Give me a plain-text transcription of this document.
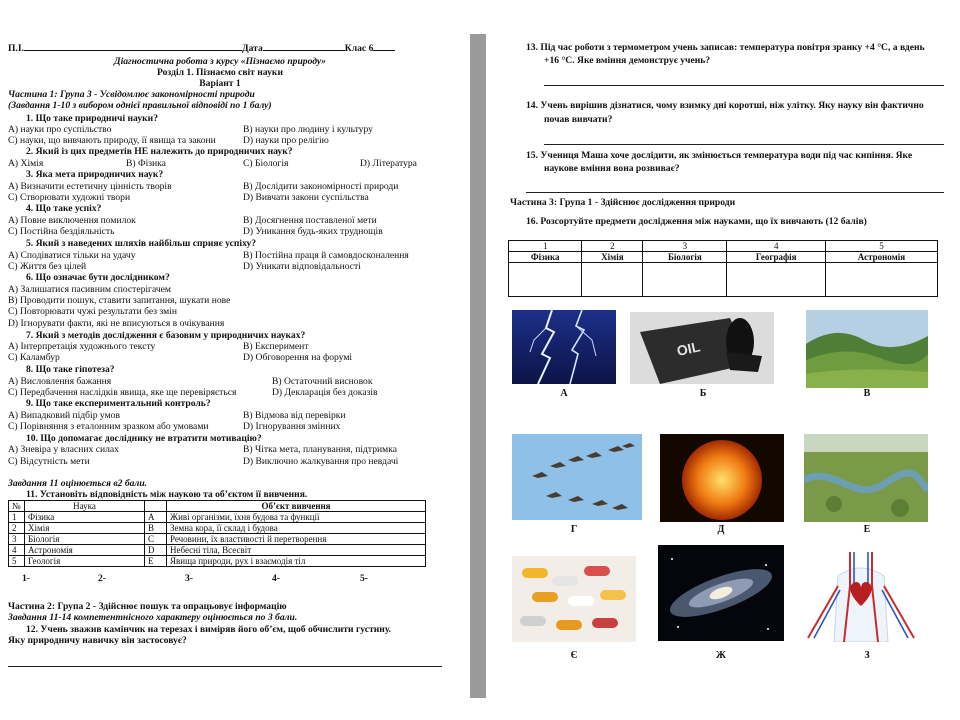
П.І.	Дата	Клас 6
Діагностична робота з курсу «Пізнаємо природу»
Розділ 1. Пізнаємо світ науки
Варіант 1
Частина 1: Група 3 - Усвідомлює закономірності природи
(Завдання 1-10 з вибором однієї правильної відповіді по 1 балу)
1. Що таке природничі науки?
А) науки про суспільство	B) науки про людину і культуру
C) науки, що вивчають природу, її явища та закони	D) науки про релігію
2. Який із цих предметів НЕ належить до природничих наук?
А) Хімія	B) Фізика	C) Біологія	D) Література
3. Яка мета природничих наук?
А) Визначити естетичну цінність творів	B) Дослідити закономірності природи
C) Створювати художні твори	D) Вивчати закони суспільства
4. Що таке успіх?
А) Повне виключення помилок	B) Досягнення поставленої мети
C) Постійна бездіяльність	D) Уникання будь-яких труднощів
5. Який з наведених шляхів найбільш сприяє успіху?
А) Сподіватися тільки на удачу	B) Постійна праця й самовдосконалення
C) Життя без цілей	D) Уникати відповідальності
6. Що означає бути дослідником?
А) Залишатися пасивним спостерігачем
B) Проводити пошук, ставити запитання, шукати нове
C) Повторювати чужі результати без змін
D) Ігнорувати факти, які не вписуються в очікування
7. Який з методів дослідження є базовим у природничих науках?
А) Інтерпретація художнього тексту	B) Експеримент
C) Каламбур	D) Обговорення на форумі
8. Що таке гіпотеза?
А) Висловлення бажання	B) Остаточний висновок
C) Передбачення наслідків явища, яке ще перевіряється	D) Декларація без доказів
9. Що таке експериментальний контроль?
А) Випадковий підбір умов	B) Відмова від перевірки
C) Порівняння з еталонним зразком або умовами	D) Ігнорування змінних
10. Що допомагає досліднику не втратити мотивацію?
А) Зневіра у власних силах	B) Чітка мета, планування, підтримка
C) Відсутність мети	D) Виключно жалкування про невдачі
Завдання 11 оцінюється в2 бали.
11. Установіть відповідність між наукою та об’єктом її вивчення.
№	Наука		Об’єкт вивчення
1	Фізика	A	Живі організми, їхня будова та функції
2	Хімія	B	Земна кора, її склад і будова
3	Біологія	C	Речовини, їх властивості й перетворення
4	Астрономія	D	Небесні тіла, Всесвіт
5	Геологія	E	Явища природи, рух і взаємодія тіл
1-	2-	3-	4-	5-
Частина 2: Група 2 - Здійснює пошук та опрацьовує інформацію
Завдання 11-14 компетентнісного характеру оцінюється по 3 бали.
12. Учень зважив камінчик на терезах і виміряв його об’єм, щоб обчислити густину.
Яку природничу навичку він застосовує?
13. Під час роботи з термометром учень записав: температура повітря зранку +4 °С, а вдень
+16 °С. Яке вміння демонструє учень?
14. Учень вирішив дізнатися, чому взимку дні коротші, ніж улітку. Яку науку він фактично
почав вивчати?
15. Учениця Маша хоче дослідити, як змінюється температура води під час кипіння. Яке
наукове вміння вона розвиває?
Частина 3: Група 1 - Здійснює дослідження природи
16. Розсортуйте предмети дослідження між науками, що їх вивчають (12 балів)
1	2	3	4	5
Фізика	Хімія	Біологія	Географія	Астрономія

А
OIL
Б	В
Г	Д	Е
Є	Ж	З
